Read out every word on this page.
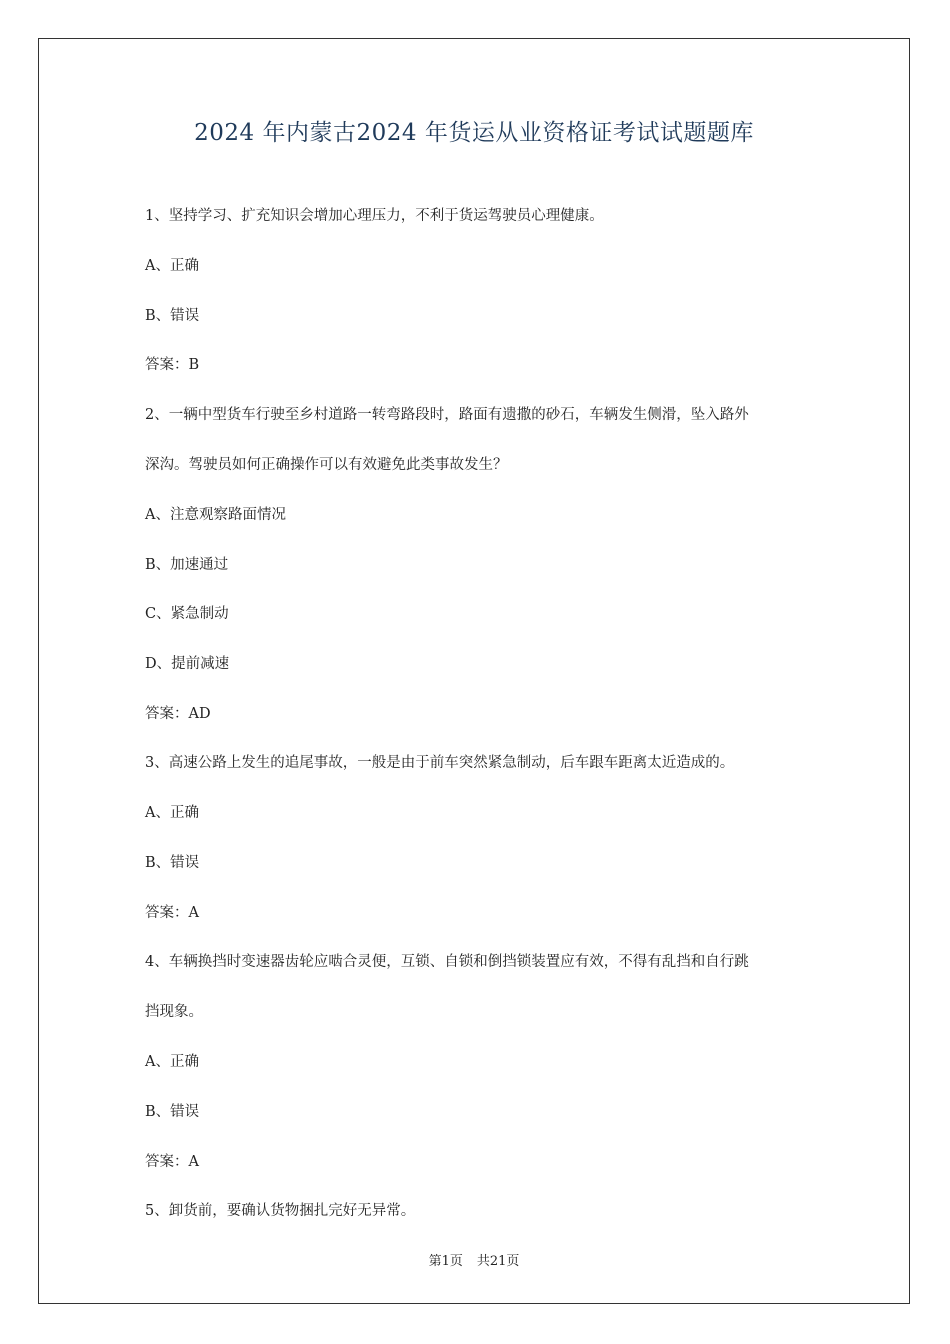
2024 年内蒙古2024 年货运从业资格证考试试题题库
1、坚持学习、扩充知识会增加心理压力，不利于货运驾驶员心理健康。
A、正确
B、错误
答案：B
2、一辆中型货车行驶至乡村道路一转弯路段时，路面有遗撒的砂石，车辆发生侧滑，坠入路外
深沟。驾驶员如何正确操作可以有效避免此类事故发生？
A、注意观察路面情况
B、加速通过
C、紧急制动
D、提前减速
答案：AD
3、高速公路上发生的追尾事故，一般是由于前车突然紧急制动，后车跟车距离太近造成的。
A、正确
B、错误
答案：A
4、车辆换挡时变速器齿轮应啮合灵便，互锁、自锁和倒挡锁装置应有效，不得有乱挡和自行跳
挡现象。
A、正确
B、错误
答案：A
5、卸货前，要确认货物捆扎完好无异常。
第1页 共21页
